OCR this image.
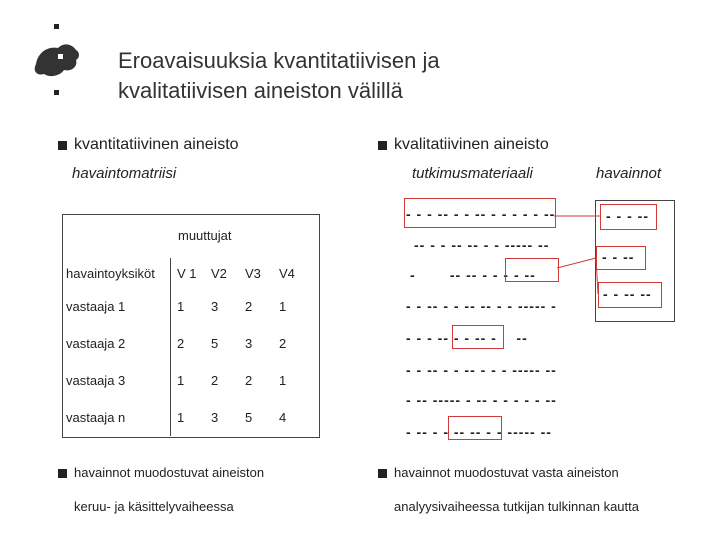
Eroavaisuuksia kvantitatiivisen ja
kvalitatiivisen aineiston välillä
kvantitatiivinen aineisto
havaintomatriisi
muuttujat

havaintoyksiköt	V 1	V2	V3	V4
vastaaja 1	1	3	2	1
vastaaja 2	2	5	3	2
vastaaja 3	1	2	2	1
vastaaja n	1	3	5	4
havainnot muodostuvat aineiston
keruu- ja käsittelyvaiheessa
kvalitatiivinen aineisto
tutkimusmateriaali	havainnot
- - - -- - - -- - - - - - --
-- - - -- -- - - ----- --
-       -- -- - - - - --
- - -- - - -- -- - - ----- -
- - - -- - - -- -    --
- - -- - - -- - - - ----- --
- -- ----- - -- - - - - - --
- -- - - -- -- - - ----- --
- - - --
- - --
- - -- --
havainnot muodostuvat vasta aineiston
analyysivaiheessa tutkijan tulkinnan kautta
